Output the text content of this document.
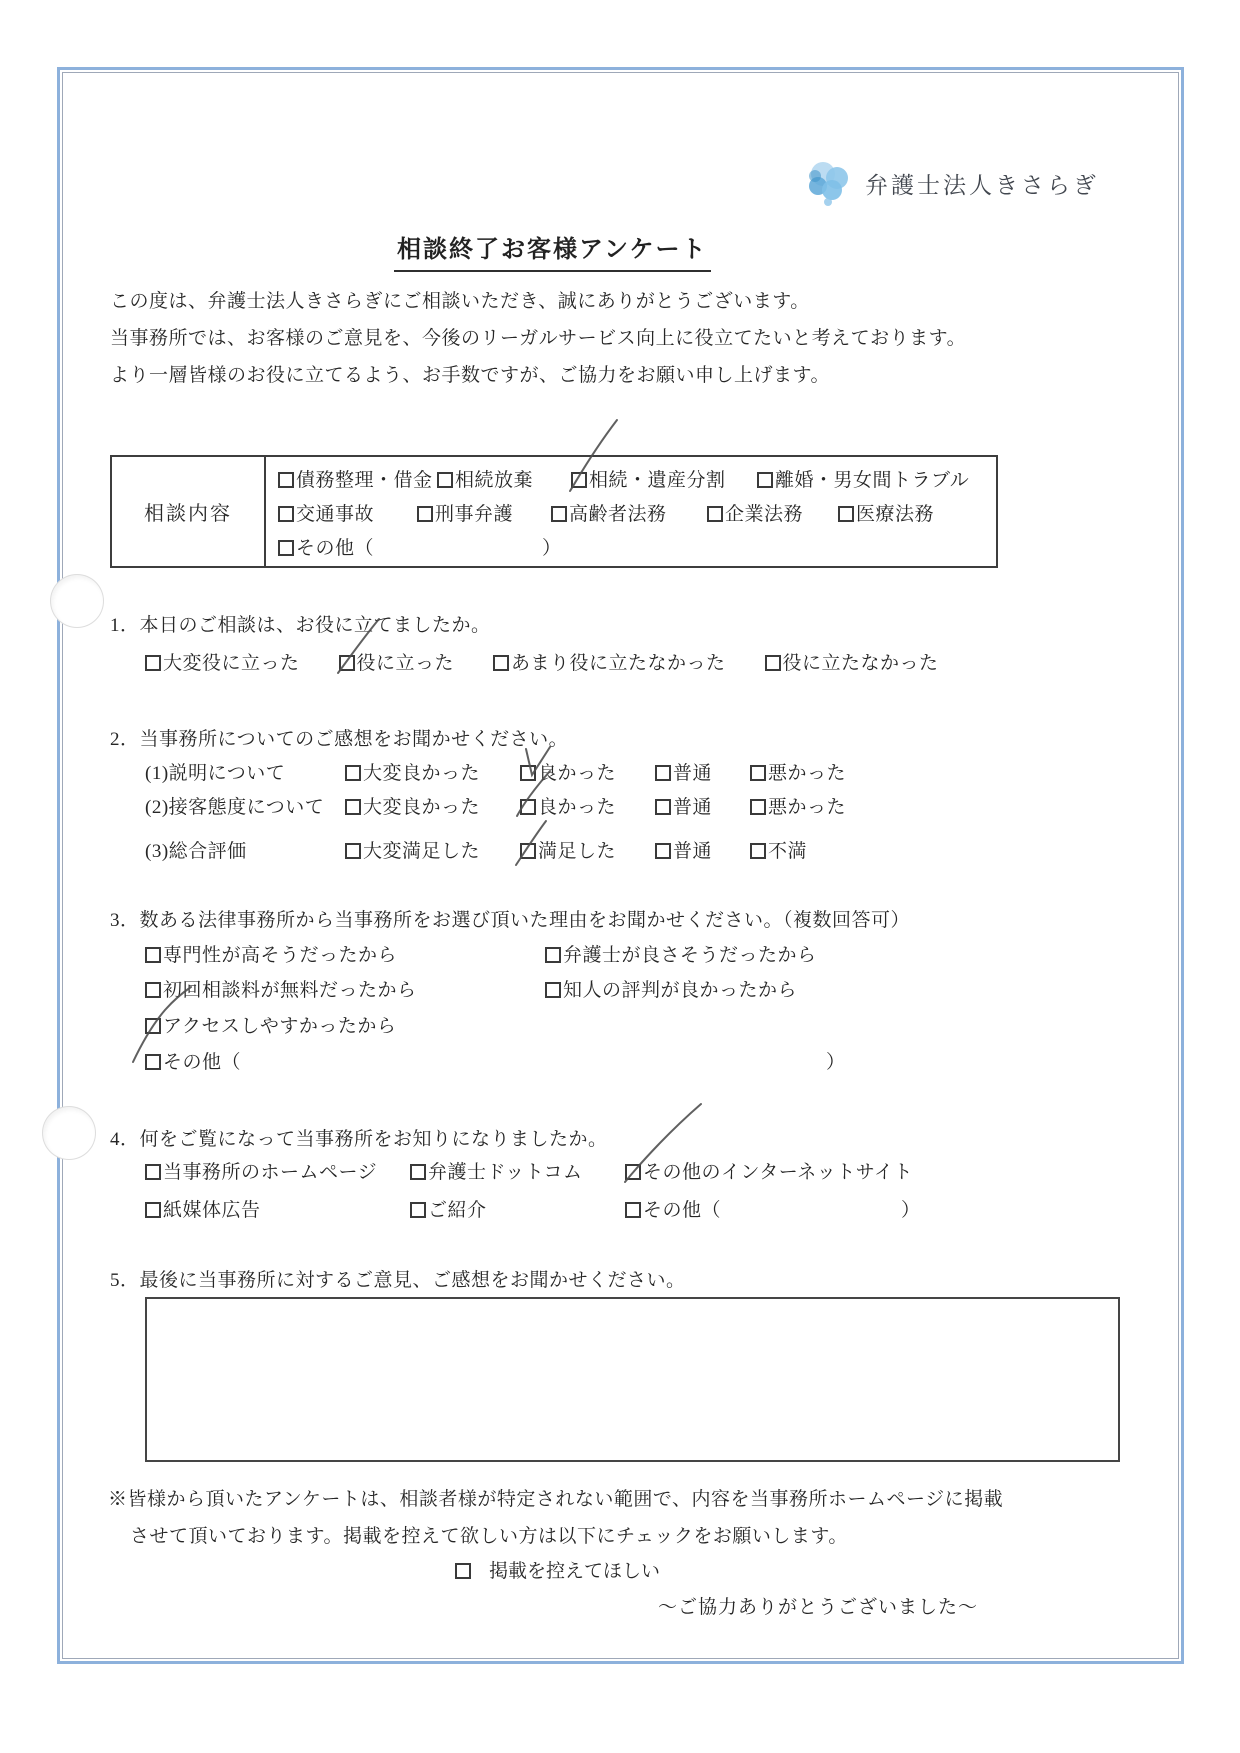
弁護士法人きさらぎ
相談終了お客様アンケート
この度は、弁護士法人きさらぎにご相談いただき、誠にありがとうございます。
当事務所では、お客様のご意見を、今後のリーガルサービス向上に役立てたいと考えております。
より一層皆様のお役に立てるよう、お手数ですが、ご協力をお願い申し上げます。
相談内容
債務整理・借金	相続放棄	相続・遺産分割	離婚・男女間トラブル
交通事故	刑事弁護	高齢者法務	企業法務	医療法務
その他（	）
1．本日のご相談は、お役に立てましたか。
大変役に立った	役に立った	あまり役に立たなかった	役に立たなかった
2．当事務所についてのご感想をお聞かせください。
(1)説明について	大変良かった	良かった	普通	悪かった
(2)接客態度について	大変良かった	良かった	普通	悪かった
(3)総合評価	大変満足した	満足した	普通	不満
3．数ある法律事務所から当事務所をお選び頂いた理由をお聞かせください。（複数回答可）
専門性が高そうだったから	弁護士が良さそうだったから
初回相談料が無料だったから	知人の評判が良かったから
アクセスしやすかったから
その他（	）
4．何をご覧になって当事務所をお知りになりましたか。
当事務所のホームページ	弁護士ドットコム	その他のインターネットサイト
紙媒体広告	ご紹介	その他（	）
5．最後に当事務所に対するご意見、ご感想をお聞かせください。
※皆様から頂いたアンケートは、相談者様が特定されない範囲で、内容を当事務所ホームページに掲載
させて頂いております。掲載を控えて欲しい方は以下にチェックをお願いします。
掲載を控えてほしい
～ご協力ありがとうございました～
